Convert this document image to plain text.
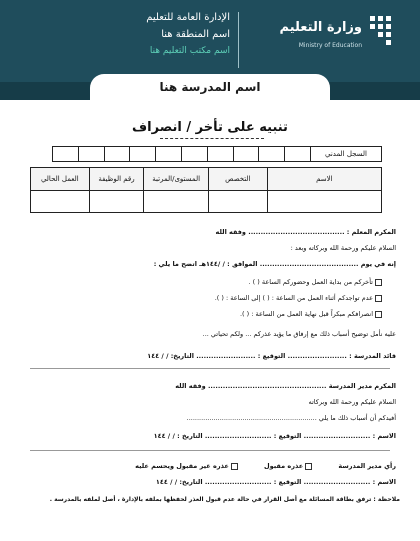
وزارة التعليم
Ministry of Education
الإدارة العامة للتعليم
اسم المنطقة هنا
اسم مكتب التعليم هنا
اسم المدرسة هنا
تنبيه على تأخر / انصراف
السجل المدني
الاسم
التخصص
المستوى/المرتبة
رقم الوظيفة
العمل الحالي
المكرم المعلم : ....................................... وفقه الله
السلام عليكم ورحمة الله وبركاته وبعد :
إنه في يوم ........................................ الموافق : / /١٤٤هـ اتضح ما يلي :
تأخركم من بداية العمل وحضوركم الساعة ( ) .
عدم تواجدكم أثناء العمل من الساعة : ( ) إلى الساعة : ( ).
انصرافكم مبكراً قبل نهاية العمل من الساعة : ( ).
عليه نأمل توضيح أسباب ذلك مع إرفاق ما يؤيد عذركم ... ولكم تحياتي ...
قائد المدرسة : ........................ التوقيع : ........................ التاريخ: / / ١٤٤
المكرم مدير المدرسة ................................................ وفقه الله
السلام عليكم ورحمة الله وبركاته
أفيدكم أن أسباب ذلك ما يلي ...............................................................
الاسم : ........................... التوقيع : ........................... التاريخ : / / ١٤٤
رأي مدير المدرسة عذره مقبول عذره غير مقبول ويحسم عليه
الاسم : ........................... التوقيع : ........................... التاريخ: / / ١٤٤
ملاحظة : ترفق بطاقة المسائلة مع أصل القرار في حالة عدم قبول العذر لحفظها بملفه بالإدارة ، أصل لملفه بالمدرسة .
